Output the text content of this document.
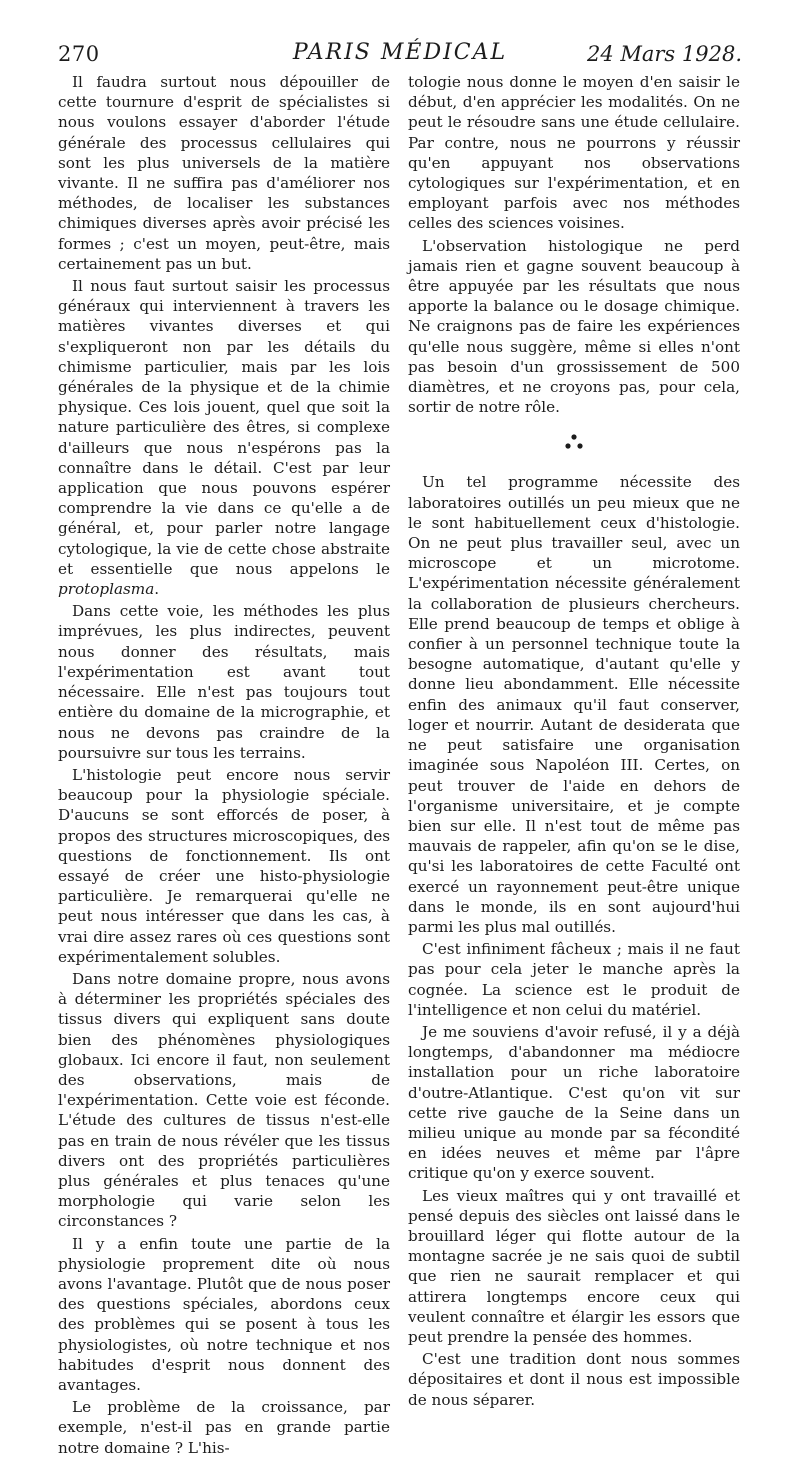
270	PARIS MÉDICAL	24 Mars 1928.

Il faudra surtout nous dépouiller de cette tournure d'esprit de spécialistes si nous voulons essayer d'aborder l'étude générale des processus cellulaires qui sont les plus universels de la matière vivante. Il ne suffira pas d'améliorer nos méthodes, de localiser les substances chimiques diverses après avoir précisé les formes ; c'est un moyen, peut-être, mais certainement pas un but.

Il nous faut surtout saisir les processus généraux qui interviennent à travers les matières vivantes diverses et qui s'expliqueront non par les détails du chimisme particulier, mais par les lois générales de la physique et de la chimie physique. Ces lois jouent, quel que soit la nature particulière des êtres, si complexe d'ailleurs que nous n'espérons pas la connaître dans le détail. C'est par leur application que nous pouvons espérer comprendre la vie dans ce qu'elle a de général, et, pour parler notre langage cytologique, la vie de cette chose abstraite et essentielle que nous appelons le protoplasma.

Dans cette voie, les méthodes les plus imprévues, les plus indirectes, peuvent nous donner des résultats, mais l'expérimentation est avant tout nécessaire. Elle n'est pas toujours tout entière du domaine de la micrographie, et nous ne devons pas craindre de la poursuivre sur tous les terrains.

L'histologie peut encore nous servir beaucoup pour la physiologie spéciale. D'aucuns se sont efforcés de poser, à propos des structures microscopiques, des questions de fonctionnement. Ils ont essayé de créer une histo-physiologie particulière. Je remarquerai qu'elle ne peut nous intéresser que dans les cas, à vrai dire assez rares où ces questions sont expérimentalement solubles.

Dans notre domaine propre, nous avons à déterminer les propriétés spéciales des tissus divers qui expliquent sans doute bien des phénomènes physiologiques globaux. Ici encore il faut, non seulement des observations, mais de l'expérimentation. Cette voie est féconde. L'étude des cultures de tissus n'est-elle pas en train de nous révéler que les tissus divers ont des propriétés particulières plus générales et plus tenaces qu'une morphologie qui varie selon les circonstances ?

Il y a enfin toute une partie de la physiologie proprement dite où nous avons l'avantage. Plutôt que de nous poser des questions spéciales, abordons ceux des problèmes qui se posent à tous les physiologistes, où notre technique et nos habitudes d'esprit nous donnent des avantages.

Le problème de la croissance, par exemple, n'est-il pas en grande partie notre domaine ? L'his-

tologie nous donne le moyen d'en saisir le début, d'en apprécier les modalités. On ne peut le résoudre sans une étude cellulaire. Par contre, nous ne pourrons y réussir qu'en appuyant nos observations cytologiques sur l'expérimentation, et en employant parfois avec nos méthodes celles des sciences voisines.

L'observation histologique ne perd jamais rien et gagne souvent beaucoup à être appuyée par les résultats que nous apporte la balance ou le dosage chimique. Ne craignons pas de faire les expériences qu'elle nous suggère, même si elles n'ont pas besoin d'un grossissement de 500 diamètres, et ne croyons pas, pour cela, sortir de notre rôle.

Un tel programme nécessite des laboratoires outillés un peu mieux que ne le sont habituellement ceux d'histologie. On ne peut plus travailler seul, avec un microscope et un microtome. L'expérimentation nécessite généralement la collaboration de plusieurs chercheurs. Elle prend beaucoup de temps et oblige à confier à un personnel technique toute la besogne automatique, d'autant qu'elle y donne lieu abondamment. Elle nécessite enfin des animaux qu'il faut conserver, loger et nourrir. Autant de desiderata que ne peut satisfaire une organisation imaginée sous Napoléon III. Certes, on peut trouver de l'aide en dehors de l'organisme universitaire, et je compte bien sur elle. Il n'est tout de même pas mauvais de rappeler, afin qu'on se le dise, qu'si les laboratoires de cette Faculté ont exercé un rayonnement peut-être unique dans le monde, ils en sont aujourd'hui parmi les plus mal outillés.

C'est infiniment fâcheux ; mais il ne faut pas pour cela jeter le manche après la cognée. La science est le produit de l'intelligence et non celui du matériel.

Je me souviens d'avoir refusé, il y a déjà longtemps, d'abandonner ma médiocre installation pour un riche laboratoire d'outre-Atlantique. C'est qu'on vit sur cette rive gauche de la Seine dans un milieu unique au monde par sa fécondité en idées neuves et même par l'âpre critique qu'on y exerce souvent.

Les vieux maîtres qui y ont travaillé et pensé depuis des siècles ont laissé dans le brouillard léger qui flotte autour de la montagne sacrée je ne sais quoi de subtil que rien ne saurait remplacer et qui attirera longtemps encore ceux qui veulent connaître et élargir les essors que peut prendre la pensée des hommes.

C'est une tradition dont nous sommes dépositaires et dont il nous est impossible de nous séparer.
